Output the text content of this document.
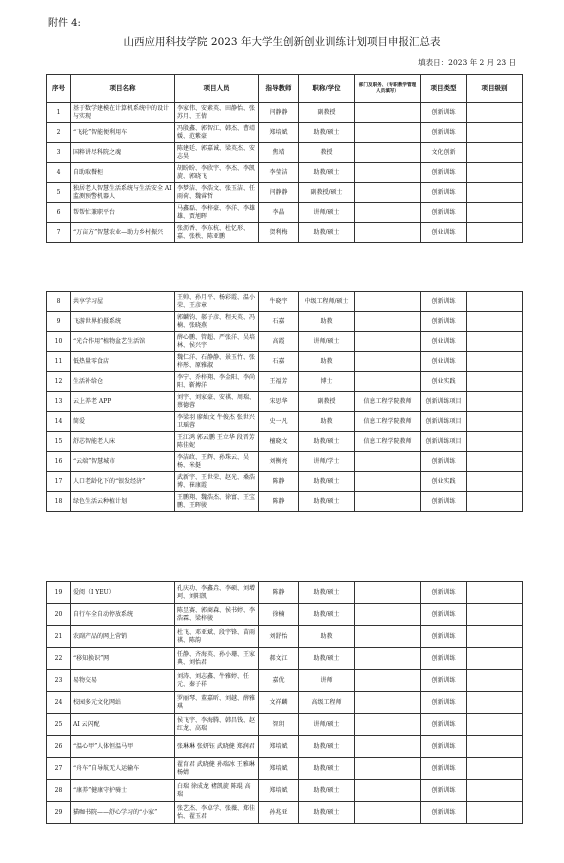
附件 4:
山西应用科技学院 2023 年大学生创新创业训练计划项目申报汇总表
填表日：2023 年 2 月 23 日
序号	项目名称	项目人员	指导教师	职称/学位	部门及职务、（专职教学管理人员填写）	项目类型	项目级别
1	基于数学建模在计算机系统中的设计与实现	李家伟、安素英、田静怡、张苏月、王倩	闫静静	副教授		创新训练	
2	“飞轮”智能便利用车	冯殷鑫、郭智江、韩杰、曹靖媛、范紫豪	郑培斌	助教/硕士		创新训练	
3	国粹讲尽科院之魂	陈建廷、郭嘉诚、梁英杰、安志昊	焦靖	教授		文化创新	
4	自助取餐柜	胡盼盼、李欣宇、李杰、李凯旋、郭晓飞	李莹洁	助教/硕士		创新训练	
5	独居老人智慧生活系统与生活安全 AI 监测预警机器人	李梦洁、李浩文、张玉洁、任雨荷、魏睿哲	闫静静	副教授/硕士		创新训练	
6	帮帮忙兼职平台	马鑫磊、李梓豪、李洋、李雄雄、贾旭晖	李晶	讲师/硕士		创新训练	
7	“万亩方”智慧农业—助力乡村振兴	张沥香、李东杭、杜忆形、嘉、张秩、陈亚鹏	贺利梅	助教/硕士		创业训练	
8	共享学习屋	王帅、孙月平、杨彩霞、温小荣、王彦章	牛晓宇	中级工程师/硕士		创新训练	
9	飞游世界拍摄系统	郭麟钧、郝子彦、程天英、冯楠、张晓燕	石嘉	助教		创新训练	
10	“光合作用”植物盆艺生活馆	薛心鹏、管超、严张洋、吴培林、侯兴宇	高霞	讲师/硕士		创业训练	
11	低热量零食店	魏仁洋、石静静、景玉竹、张梓彤、原雅淑	石嘉	助教		创业训练	
12	生活补给仓	李宁、乔梓翔、李金阳、李尚阳、靳搏洋	王福芳	博士		创业实践	
13	云上养老 APP	刘宇、刘家豪、安祺、周瑞、蔡德蓉	宋思华	副教授	信息工程学院教师	创新训练项目	
14	简爱	李梁羽 廖灿文 牛俊杰 张世兴 卫瑶蓉	史一凡	助教	信息工程学院教师	创新训练项目	
15	舒芯智能老人床	王江鸿 郭云鹏 王立华 段晋芳 陈佳妮	檀晓文	助教/硕士	信息工程学院教师	创新训练项目	
16	“云端”智慧城市	李洁政、王辉、孙珠云、吴杨、米挺	刘衡亮	讲师/学士		创新训练	
17	人口老龄化下的“银发经济”	武新宇、王世荣、赵光、桑浩博、崔康霞	陈静	助教/硕士		创业实践	
18	绿色生活云种植计划	王鹏翔、魏浩杰、徐富、王宝鹏、王晖骏	陈静	助教/硕士		创新训练	
19	爱阅（I YEU）	孔庆功、李鑫垚、李硕、刘增珂、刘阳凯	陈静	助教/硕士		创新训练	
20	自行车全自动停放系统	陈昱赛、郭商森、侯书婷、李浩霖、梁梓骏	徐楠	助教/硕士		创新训练	
21	农副产品的网上营销	杜飞、邓亚斌、段宇锋、苗雨祺、陈韵	刘舒怡	助教		创新训练	
22	“移知换识”网	任静、齐海英、孙小珊、王家典、刘怡君	郝文江	助教/硕士		创新训练	
23	易物交易	刘涛、刘志鑫、牛雅婷、任元、秦子祥	嘉优	讲师		创新训练	
24	校园多元文化网站	罗丽琴、董嘉昕、刘越、薛雅琪	文祥麟	高级工程师		创新训练	
25	AI 云闪配	侯飞宇、李海腾、韩昌钱、赵红龙、高瑞	智玥	讲师/硕士		创新训练	
26	“温心甲”人体恒温马甲	张琳琳 张妍钰 武晓健 郑润君	郑培斌	助教/硕士		创新训练	
27	“舟车”自导航无人运输车	翟育君 武晓健 孙瑞冰 王雅琳 杨婧	郑培斌	助教/硕士		创新训练	
28	“康养”健康守护骑士	白瑞 徐成龙 褚凯旋 陈琨 高瑞	郑培斌	助教/硕士		创新训练	
29	猫咖书院——舒心学习的“小家”	张艺杰、李卓学、张薇、郑佳怡、翟玉君	孙兆亚	助教/硕士		创新训练	
